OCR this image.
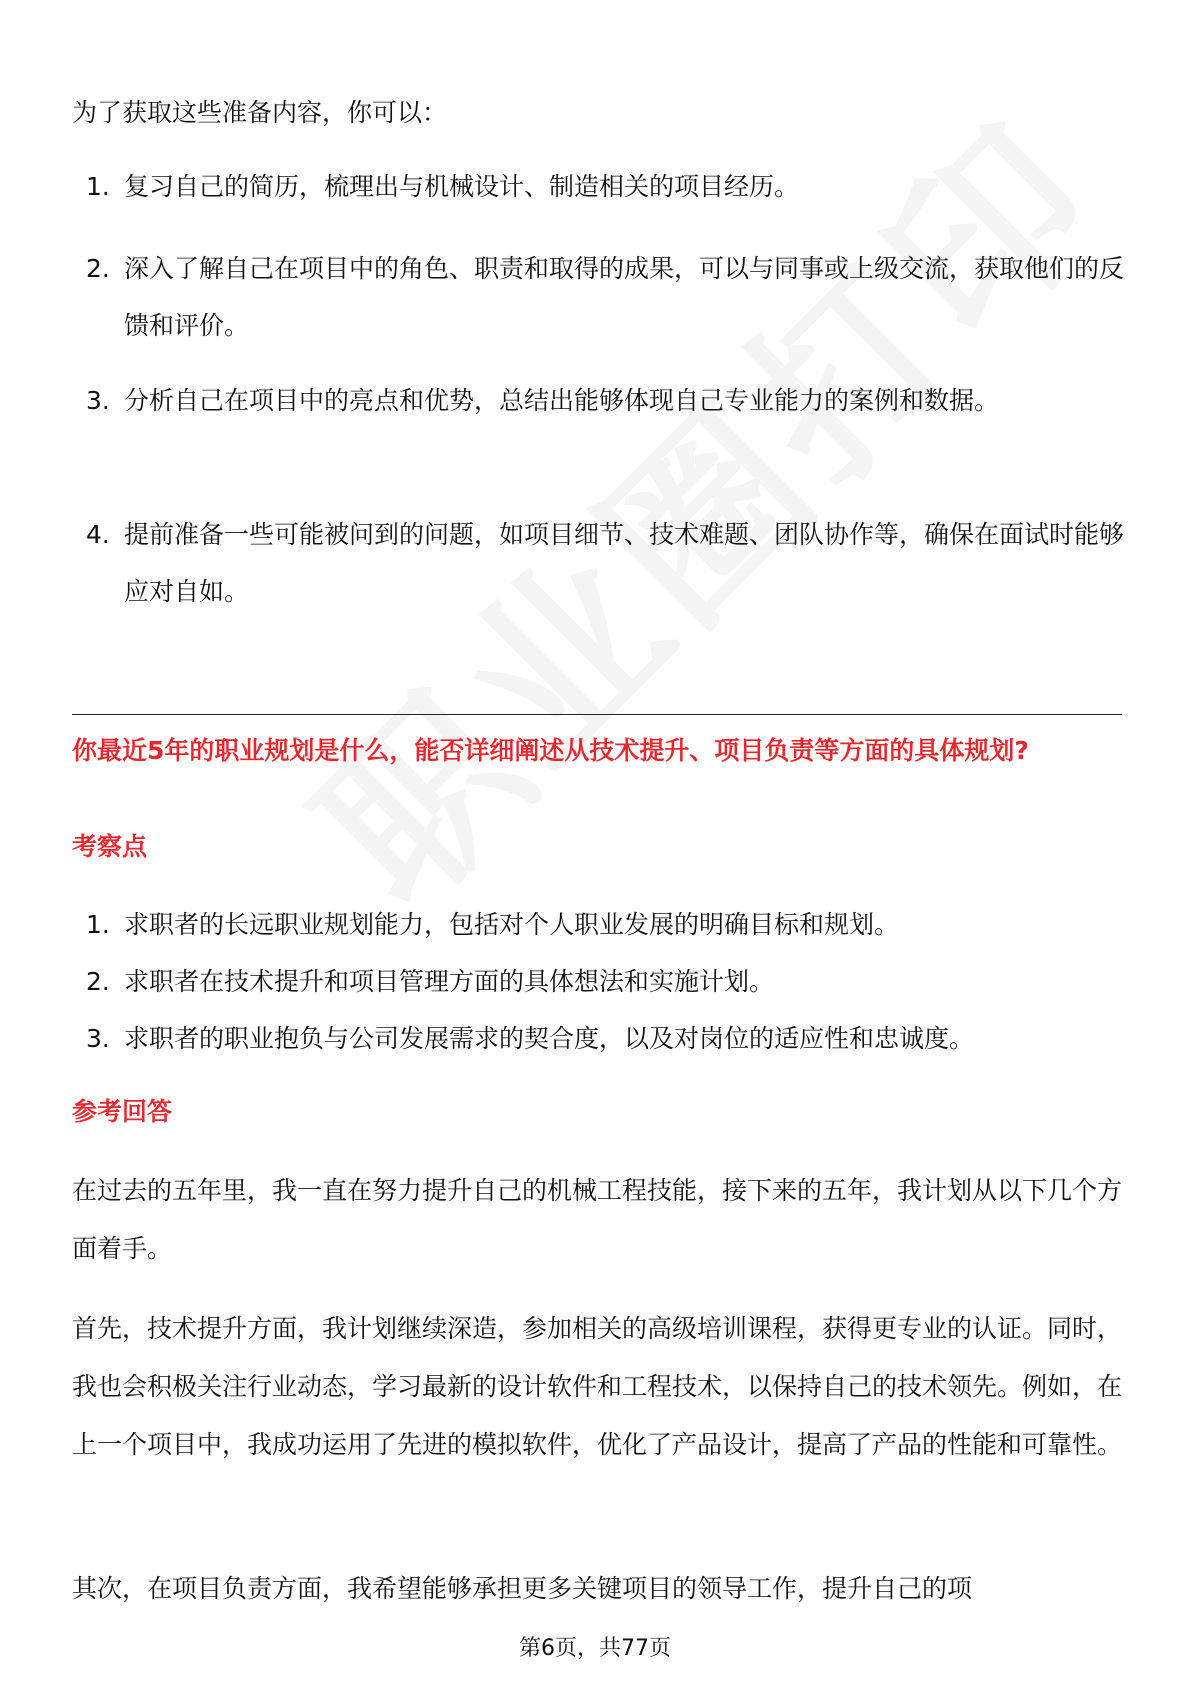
为了获取这些准备内容，你可以：
1. 复习自己的简历，梳理出与机械设计、制造相关的项目经历。
2. 深入了解自己在项目中的角色、职责和取得的成果，可以与同事或上级交流，获取他们的反馈和评价。
3. 分析自己在项目中的亮点和优势，总结出能够体现自己专业能力的案例和数据。
4. 提前准备一些可能被问到的问题，如项目细节、技术难题、团队协作等，确保在面试时能够应对自如。
你最近5年的职业规划是什么，能否详细阐述从技术提升、项目负责等方面的具体规划?
考察点
1. 求职者的长远职业规划能力，包括对个人职业发展的明确目标和规划。
2. 求职者在技术提升和项目管理方面的具体想法和实施计划。
3. 求职者的职业抱负与公司发展需求的契合度，以及对岗位的适应性和忠诚度。
参考回答
在过去的五年里，我一直在努力提升自己的机械工程技能，接下来的五年，我计划从以下几个方面着手。
首先，技术提升方面，我计划继续深造，参加相关的高级培训课程，获得更专业的认证。同时，我也会积极关注行业动态，学习最新的设计软件和工程技术，以保持自己的技术领先。例如，在上一个项目中，我成功运用了先进的模拟软件，优化了产品设计，提高了产品的性能和可靠性。
其次，在项目负责方面，我希望能够承担更多关键项目的领导工作，提升自己的项
第6页，共77页
